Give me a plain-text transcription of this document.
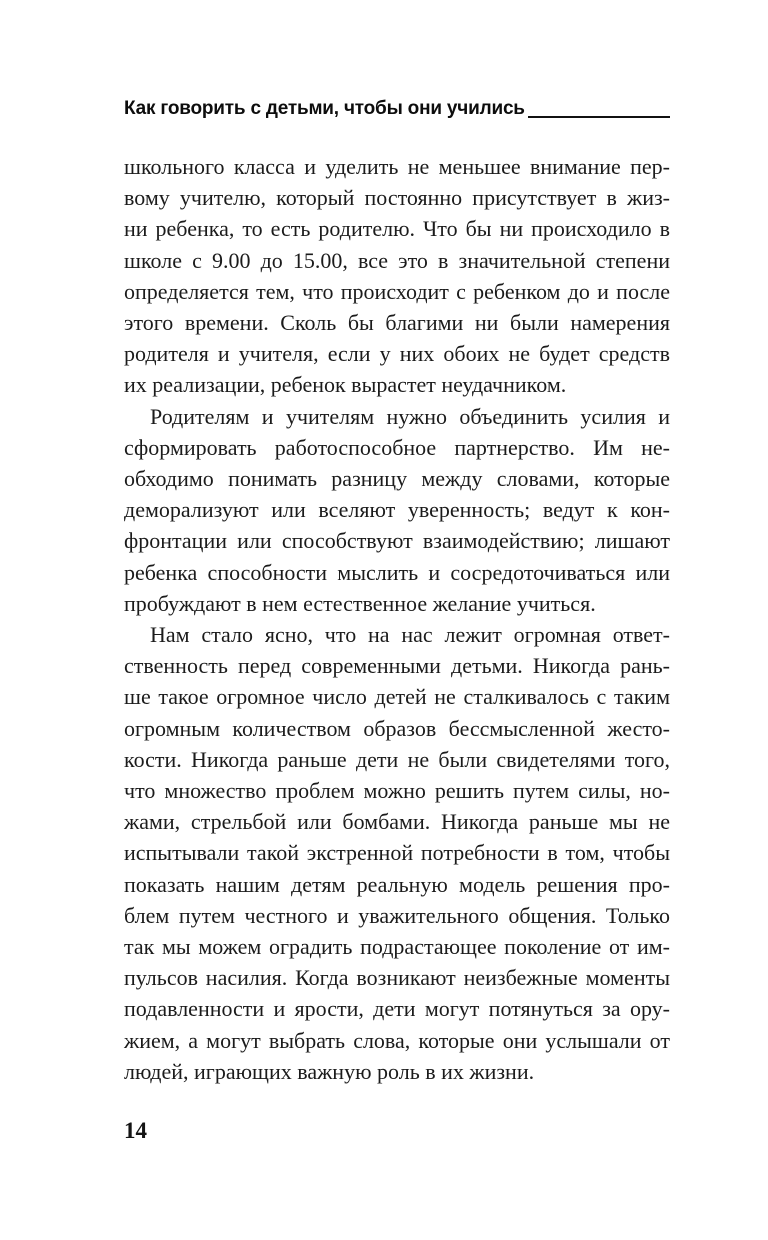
Как говорить с детьми, чтобы они учились
школьного класса и уделить не меньшее внимание пер-
вому учителю, который постоянно присутствует в жиз-
ни ребенка, то есть родителю. Что бы ни происходило в
школе с 9.00 до 15.00, все это в значительной степени
определяется тем, что происходит с ребенком до и после
этого времени. Сколь бы благими ни были намерения
родителя и учителя, если у них обоих не будет средств
их реализации, ребенок вырастет неудачником.
Родителям и учителям нужно объединить усилия и
сформировать работоспособное партнерство. Им не-
обходимо понимать разницу между словами, которые
деморализуют или вселяют уверенность; ведут к кон-
фронтации или способствуют взаимодействию; лишают
ребенка способности мыслить и сосредоточиваться или
пробуждают в нем естественное желание учиться.
Нам стало ясно, что на нас лежит огромная ответ-
ственность перед современными детьми. Никогда рань-
ше такое огромное число детей не сталкивалось с таким
огромным количеством образов бессмысленной жесто-
кости. Никогда раньше дети не были свидетелями того,
что множество проблем можно решить путем силы, но-
жами, стрельбой или бомбами. Никогда раньше мы не
испытывали такой экстренной потребности в том, чтобы
показать нашим детям реальную модель решения про-
блем путем честного и уважительного общения. Только
так мы можем оградить подрастающее поколение от им-
пульсов насилия. Когда возникают неизбежные моменты
подавленности и ярости, дети могут потянуться за ору-
жием, а могут выбрать слова, которые они услышали от
людей, играющих важную роль в их жизни.
14
